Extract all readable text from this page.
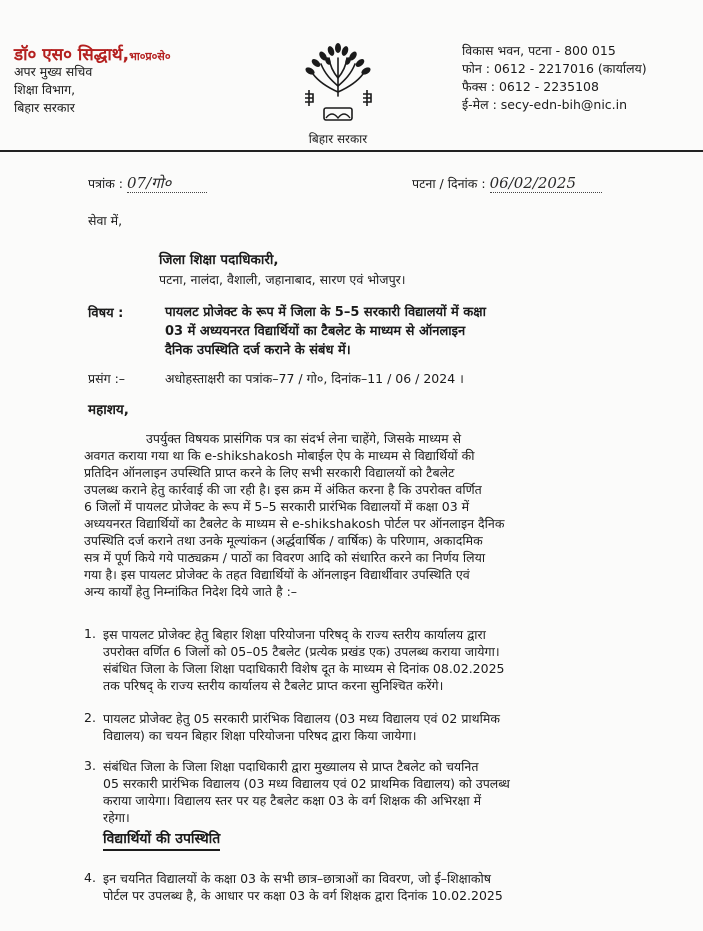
डॉ० एस० सिद्धार्थ,भा०प्र०से०
अपर मुख्य सचिव
शिक्षा विभाग,
बिहार सरकार
बिहार सरकार
विकास भवन, पटना - 800 015
फोन : 0612 - 2217016 (कार्यालय)
फैक्स : 0612 - 2235108
ई-मेल : secy-edn-bih@nic.in
पत्रांक : 07/गो०	पटना / दिनांक : 06/02/2025
सेवा में,
जिला शिक्षा पदाधिकारी,
पटना, नालंदा, वैशाली, जहानाबाद, सारण एवं भोजपुर।
विषय :	पायलट प्रोजेक्ट के रूप में जिला के 5–5 सरकारी विद्यालयों में कक्षा
03 में अध्ययनरत विद्यार्थियों का टैबलेट के माध्यम से ऑनलाइन
दैनिक उपस्थिति दर्ज कराने के संबंध में।
प्रसंग :–	अधोहस्ताक्षरी का पत्रांक–77 / गो०, दिनांक–11 / 06 / 2024 ।
महाशय,
उपर्युक्त विषयक प्रासंगिक पत्र का संदर्भ लेना चाहेंगे, जिसके माध्यम से
अवगत कराया गया था कि e-shikshakosh मोबाईल ऐप के माध्यम से विद्यार्थियों की
प्रतिदिन ऑनलाइन उपस्थिति प्राप्त करने के लिए सभी सरकारी विद्यालयों को टैबलेट
उपलब्ध कराने हेतु कार्रवाई की जा रही है। इस क्रम में अंकित करना है कि उपरोक्त वर्णित
6 जिलों में पायलट प्रोजेक्ट के रूप में 5–5 सरकारी प्रारंभिक विद्यालयों में कक्षा 03 में
अध्ययनरत विद्यार्थियों का टैबलेट के माध्यम से e-shikshakosh पोर्टल पर ऑनलाइन दैनिक
उपस्थिति दर्ज कराने तथा उनके मूल्यांकन (अर्द्धवार्षिक / वार्षिक) के परिणाम, अकादमिक
सत्र में पूर्ण किये गये पाठ्यक्रम / पाठों का विवरण आदि को संधारित करने का निर्णय लिया
गया है। इस पायलट प्रोजेक्ट के तहत विद्यार्थियों के ऑनलाइन विद्यार्थीवार उपस्थिति एवं
अन्य कार्यों हेतु निम्नांकित निदेश दिये जाते है :–
1. इस पायलट प्रोजेक्ट हेतु बिहार शिक्षा परियोजना परिषद् के राज्य स्तरीय कार्यालय द्वारा
उपरोक्त वर्णित 6 जिलों को 05–05 टैबलेट (प्रत्येक प्रखंड एक) उपलब्ध कराया जायेगा।
संबंधित जिला के जिला शिक्षा पदाधिकारी विशेष दूत के माध्यम से दिनांक 08.02.2025
तक परिषद् के राज्य स्तरीय कार्यालय से टैबलेट प्राप्त करना सुनिश्चित करेंगे।
2. पायलट प्रोजेक्ट हेतु 05 सरकारी प्रारंभिक विद्यालय (03 मध्य विद्यालय एवं 02 प्राथमिक
विद्यालय) का चयन बिहार शिक्षा परियोजना परिषद द्वारा किया जायेगा।
3. संबंधित जिला के जिला शिक्षा पदाधिकारी द्वारा मुख्यालय से प्राप्त टैबलेट को चयनित
05 सरकारी प्रारंभिक विद्यालय (03 मध्य विद्यालय एवं 02 प्राथमिक विद्यालय) को उपलब्ध
कराया जायेगा। विद्यालय स्तर पर यह टैबलेट कक्षा 03 के वर्ग शिक्षक की अभिरक्षा में
रहेगा।
विद्यार्थियों की उपस्थिति
4. इन चयनित विद्यालयों के कक्षा 03 के सभी छात्र–छात्राओं का विवरण, जो ई–शिक्षाकोष
पोर्टल पर उपलब्ध है, के आधार पर कक्षा 03 के वर्ग शिक्षक द्वारा दिनांक 10.02.2025
